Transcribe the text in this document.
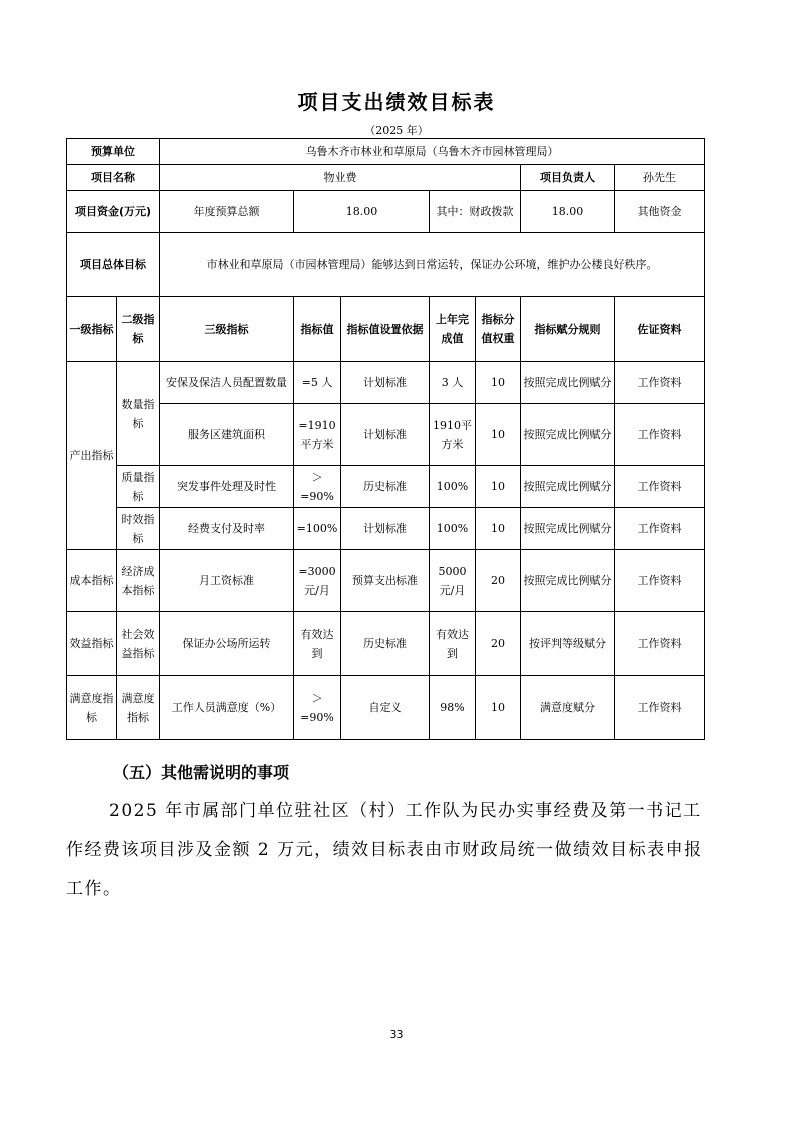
项目支出绩效目标表
（2025 年）
预算单位		乌鲁木齐市林业和草原局（乌鲁木齐市园林管理局）							
项目名称		物业费					项目负责人	孙先生	
项目资金(万元)		年度预算总额	18.00		其中：财政拨款		18.00	其他资金	
项目总体目标		市林业和草原局（市园林管理局）能够达到日常运转，保证办公环境，维护办公楼良好秩序。							
一级指标	二级指标	三级指标	指标值	指标值设置依据	上年完成值	指标分值权重	指标赋分规则	佐证资料	
产出指标	数量指标	安保及保洁人员配置数量	=5 人	计划标准	3 人	10	按照完成比例赋分	工作资料	
		服务区建筑面积	=1910平方米	计划标准	1910平方米	10	按照完成比例赋分	工作资料	
	质量指标	突发事件处理及时性	＞=90%	历史标准	100%	10	按照完成比例赋分	工作资料	
	时效指标	经费支付及时率	=100%	计划标准	100%	10	按照完成比例赋分	工作资料	
成本指标	经济成本指标	月工资标准	=3000元/月	预算支出标准	5000元/月	20	按照完成比例赋分	工作资料	
效益指标	社会效益指标	保证办公场所运转	有效达到	历史标准	有效达到	20	按评判等级赋分	工作资料	
满意度指标	满意度指标	工作人员满意度（%）	＞=90%	自定义	98%	10	满意度赋分	工作资料	
（五）其他需说明的事项
2025 年市属部门单位驻社区（村）工作队为民办实事经费及第一书记工作经费该项目涉及金额 2 万元，绩效目标表由市财政局统一做绩效目标表申报工作。
33
